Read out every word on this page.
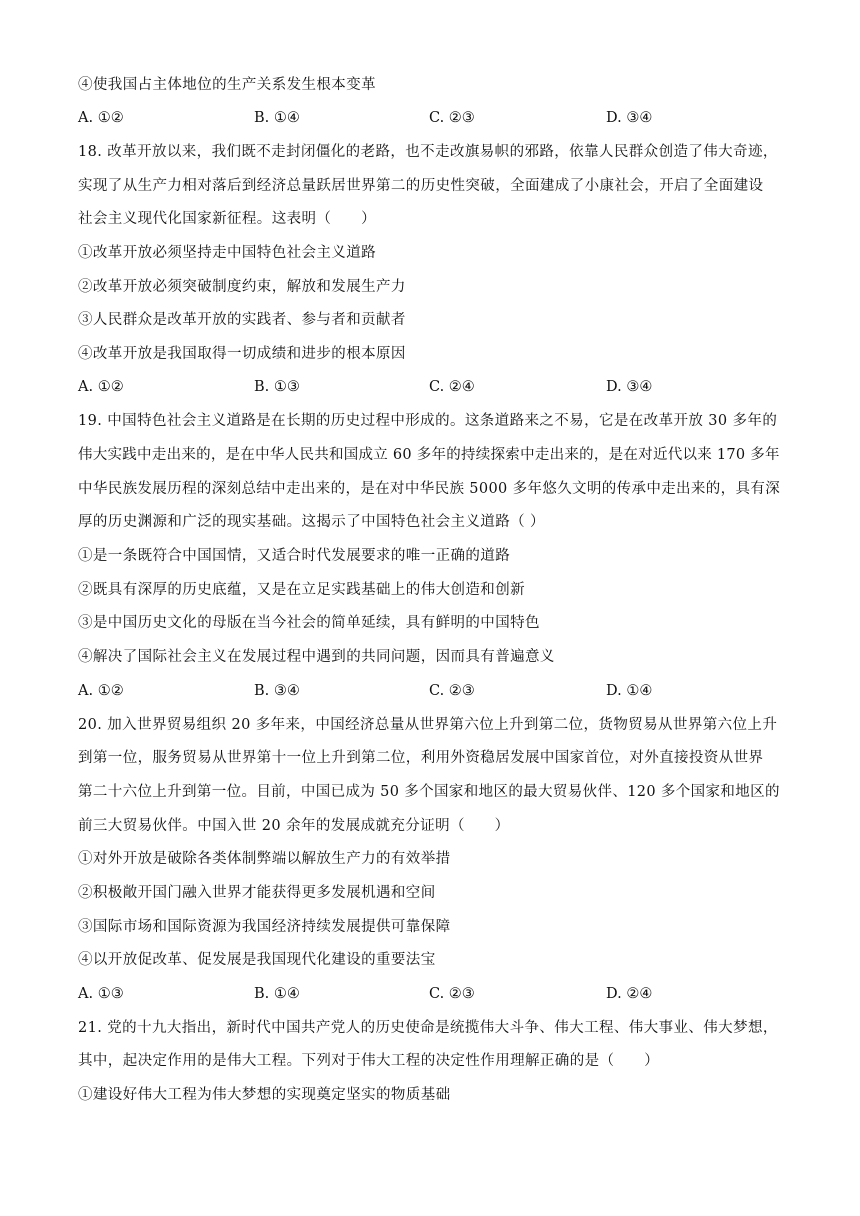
④使我国占主体地位的生产关系发生根本变革
A. ①②	B. ①④	C. ②③	D. ③④
18. 改革开放以来，我们既不走封闭僵化的老路，也不走改旗易帜的邪路，依靠人民群众创造了伟大奇迹，
实现了从生产力相对落后到经济总量跃居世界第二的历史性突破，全面建成了小康社会，开启了全面建设
社会主义现代化国家新征程。这表明（　　）
①改革开放必须坚持走中国特色社会主义道路
②改革开放必须突破制度约束，解放和发展生产力
③人民群众是改革开放的实践者、参与者和贡献者
④改革开放是我国取得一切成绩和进步的根本原因
A. ①②	B. ①③	C. ②④	D. ③④
19. 中国特色社会主义道路是在长期的历史过程中形成的。这条道路来之不易，它是在改革开放 30 多年的
伟大实践中走出来的，是在中华人民共和国成立 60 多年的持续探索中走出来的，是在对近代以来 170 多年
中华民族发展历程的深刻总结中走出来的，是在对中华民族 5000 多年悠久文明的传承中走出来的，具有深
厚的历史渊源和广泛的现实基础。这揭示了中国特色社会主义道路（ ）
①是一条既符合中国国情，又适合时代发展要求的唯一正确的道路
②既具有深厚的历史底蕴，又是在立足实践基础上的伟大创造和创新
③是中国历史文化的母版在当今社会的简单延续，具有鲜明的中国特色
④解决了国际社会主义在发展过程中遇到的共同问题，因而具有普遍意义
A. ①②	B. ③④	C. ②③	D. ①④
20. 加入世界贸易组织 20 多年来，中国经济总量从世界第六位上升到第二位，货物贸易从世界第六位上升
到第一位，服务贸易从世界第十一位上升到第二位，利用外资稳居发展中国家首位，对外直接投资从世界
第二十六位上升到第一位。目前，中国已成为 50 多个国家和地区的最大贸易伙伴、120 多个国家和地区的
前三大贸易伙伴。中国入世 20 余年的发展成就充分证明（　　）
①对外开放是破除各类体制弊端以解放生产力的有效举措
②积极敞开国门融入世界才能获得更多发展机遇和空间
③国际市场和国际资源为我国经济持续发展提供可靠保障
④以开放促改革、促发展是我国现代化建设的重要法宝
A. ①③	B. ①④	C. ②③	D. ②④
21. 党的十九大指出，新时代中国共产党人的历史使命是统揽伟大斗争、伟大工程、伟大事业、伟大梦想，
其中，起决定作用的是伟大工程。下列对于伟大工程的决定性作用理解正确的是（　　）
①建设好伟大工程为伟大梦想的实现奠定坚实的物质基础
